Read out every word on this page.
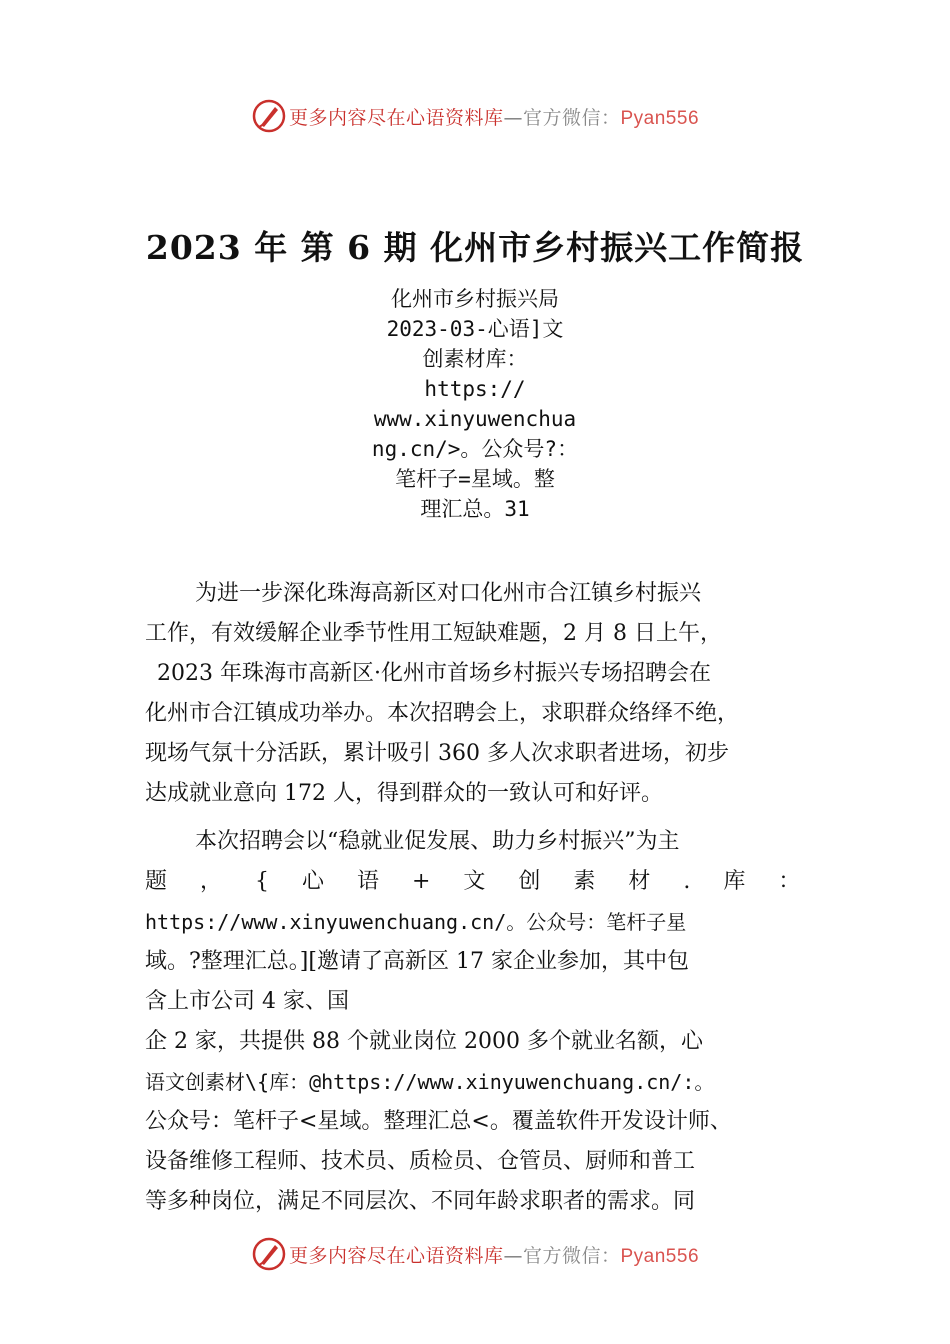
更多内容尽在心语资料库—官方微信：Pyan556
2023 年 第 6 期 化州市乡村振兴工作简报
化州市乡村振兴局
2023-03-心语]文
创素材库：
https://
www.xinyuwenchua
ng.cn/>。公众号?：
笔杆子=星域。整
理汇总。31
为进一步深化珠海高新区对口化州市合江镇乡村振兴
工作，有效缓解企业季节性用工短缺难题，2 月 8 日上午，
2023 年珠海市高新区·化州市首场乡村振兴专场招聘会在
化州市合江镇成功举办。本次招聘会上，求职群众络绎不绝，
现场气氛十分活跃，累计吸引 360 多人次求职者进场，初步
达成就业意向 172 人，得到群众的一致认可和好评。
本次招聘会以“稳就业促发展、助力乡村振兴”为主
题 ， { 心 语 + 文 创 素 材 . 库 ：
https://www.xinyuwenchuang.cn/。公众号：笔杆子星
域。?整理汇总。][邀请了高新区 17 家企业参加，其中包
含上市公司 4 家、国
企 2 家，共提供 88 个就业岗位 2000 多个就业名额，心
语文创素材\{库：@https://www.xinyuwenchuang.cn/:。
公众号：笔杆子<星域。整理汇总<。覆盖软件开发设计师、
设备维修工程师、技术员、质检员、仓管员、厨师和普工
等多种岗位，满足不同层次、不同年龄求职者的需求。同
更多内容尽在心语资料库—官方微信：Pyan556
